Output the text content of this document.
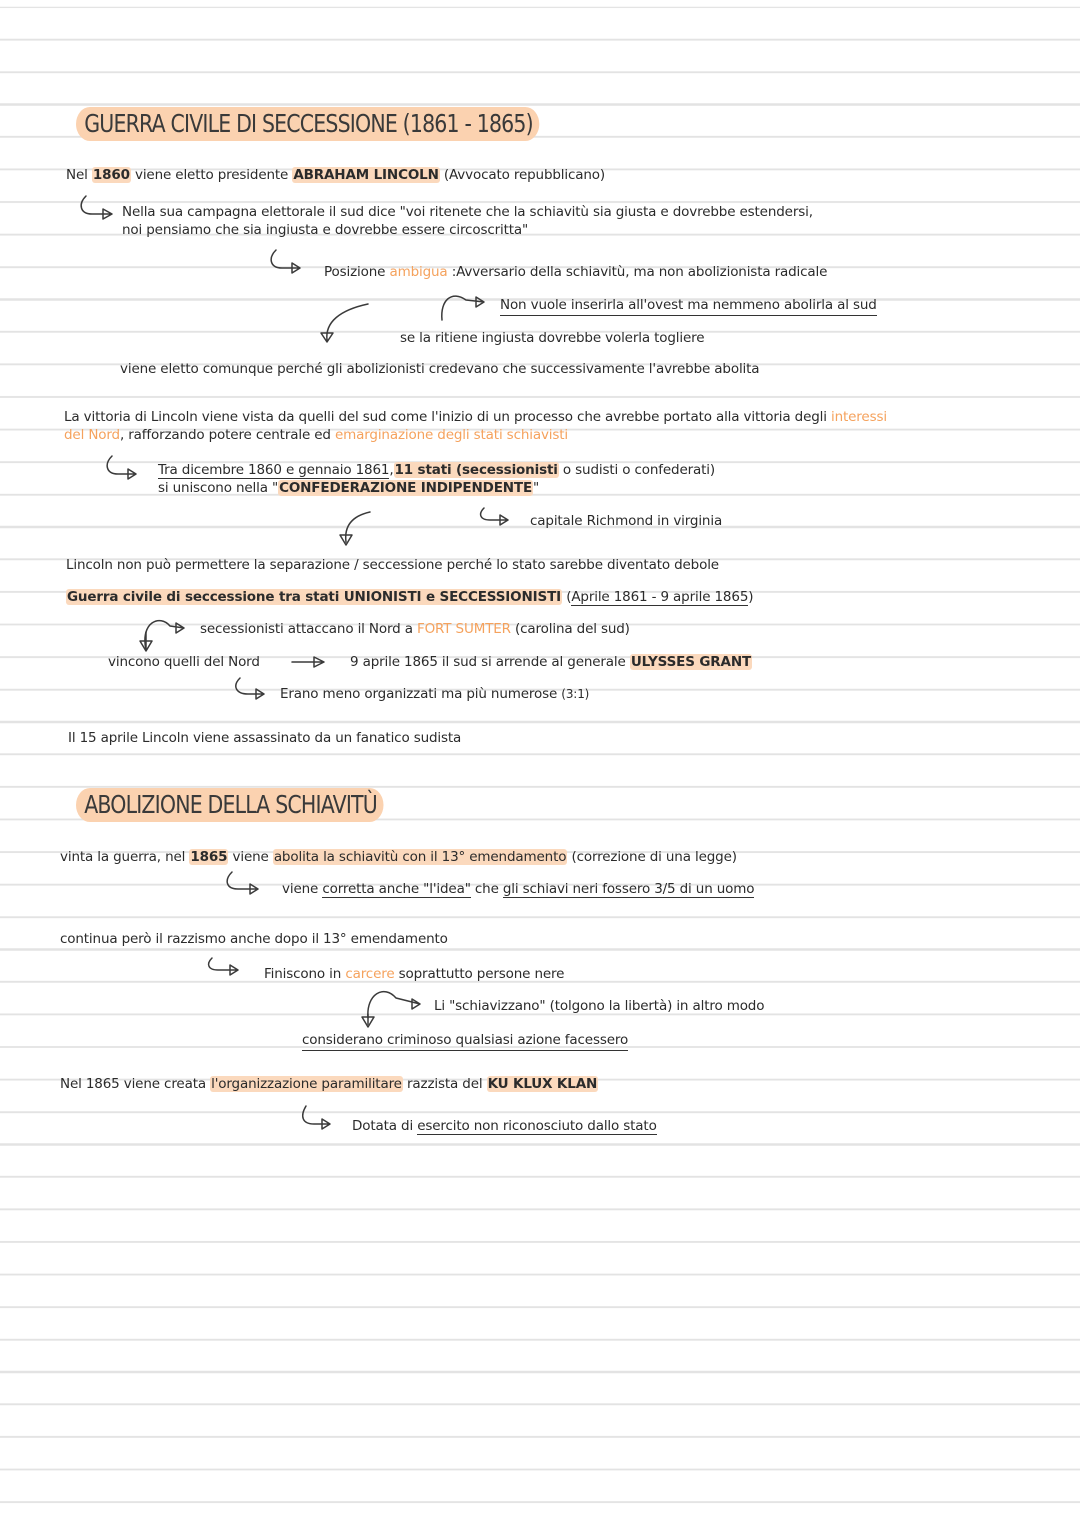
GUERRA CIVILE DI SECCESSIONE (1861 - 1865)
Nel 1860 viene eletto presidente ABRAHAM LINCOLN (Avvocato repubblicano)
Nella sua campagna elettorale il sud dice "voi ritenete che la schiavitù sia giusta e dovrebbe estendersi,
noi pensiamo che sia ingiusta e dovrebbe essere circoscritta"
Posizione ambigua :Avversario della schiavitù, ma non abolizionista radicale
Non vuole inserirla all'ovest ma nemmeno abolirla al sud
se la ritiene ingiusta dovrebbe volerla togliere
viene eletto comunque perché gli abolizionisti credevano che successivamente l'avrebbe abolita
La vittoria di Lincoln viene vista da quelli del sud come l'inizio di un processo che avrebbe portato alla vittoria degli interessi
del Nord, rafforzando potere centrale ed emarginazione degli stati schiavisti
Tra dicembre 1860 e gennaio 1861,11 stati (secessionisti o sudisti o confederati)
si uniscono nella "CONFEDERAZIONE INDIPENDENTE"
capitale Richmond in virginia
Lincoln non può permettere la separazione / seccessione perché lo stato sarebbe diventato debole
Guerra civile di seccessione tra stati UNIONISTI e SECCESSIONISTI (Aprile 1861 - 9 aprile 1865)
secessionisti attaccano il Nord a FORT SUMTER (carolina del sud)
vincono quelli del Nord	9 aprile 1865 il sud si arrende al generale ULYSSES GRANT
Erano meno organizzati ma più numerose (3:1)
Il 15 aprile Lincoln viene assassinato da un fanatico sudista
ABOLIZIONE DELLA SCHIAVITÙ
vinta la guerra, nel 1865 viene abolita la schiavitù con il 13° emendamento (correzione di una legge)
viene corretta anche "l'idea" che gli schiavi neri fossero 3/5 di un uomo
continua però il razzismo anche dopo il 13° emendamento
Finiscono in carcere soprattutto persone nere
Li "schiavizzano" (tolgono la libertà) in altro modo
considerano criminoso qualsiasi azione facessero
Nel 1865 viene creata l'organizzazione paramilitare razzista del KU KLUX KLAN
Dotata di esercito non riconosciuto dallo stato
